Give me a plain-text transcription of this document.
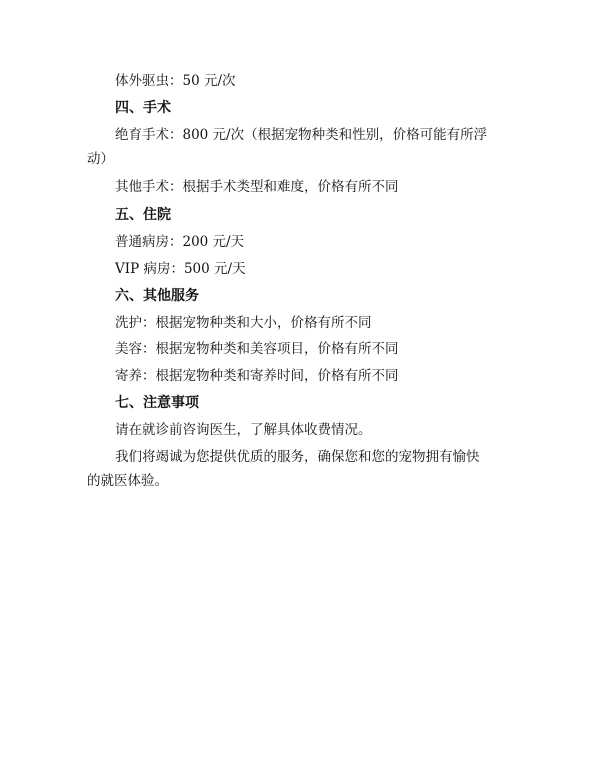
体外驱虫：50 元/次
四、手术
绝育手术：800 元/次（根据宠物种类和性别，价格可能有所浮
动）
其他手术：根据手术类型和难度，价格有所不同
五、住院
普通病房：200 元/天
VIP 病房：500 元/天
六、其他服务
洗护：根据宠物种类和大小，价格有所不同
美容：根据宠物种类和美容项目，价格有所不同
寄养：根据宠物种类和寄养时间，价格有所不同
七、注意事项
请在就诊前咨询医生，了解具体收费情况。
我们将竭诚为您提供优质的服务，确保您和您的宠物拥有愉快
的就医体验。
